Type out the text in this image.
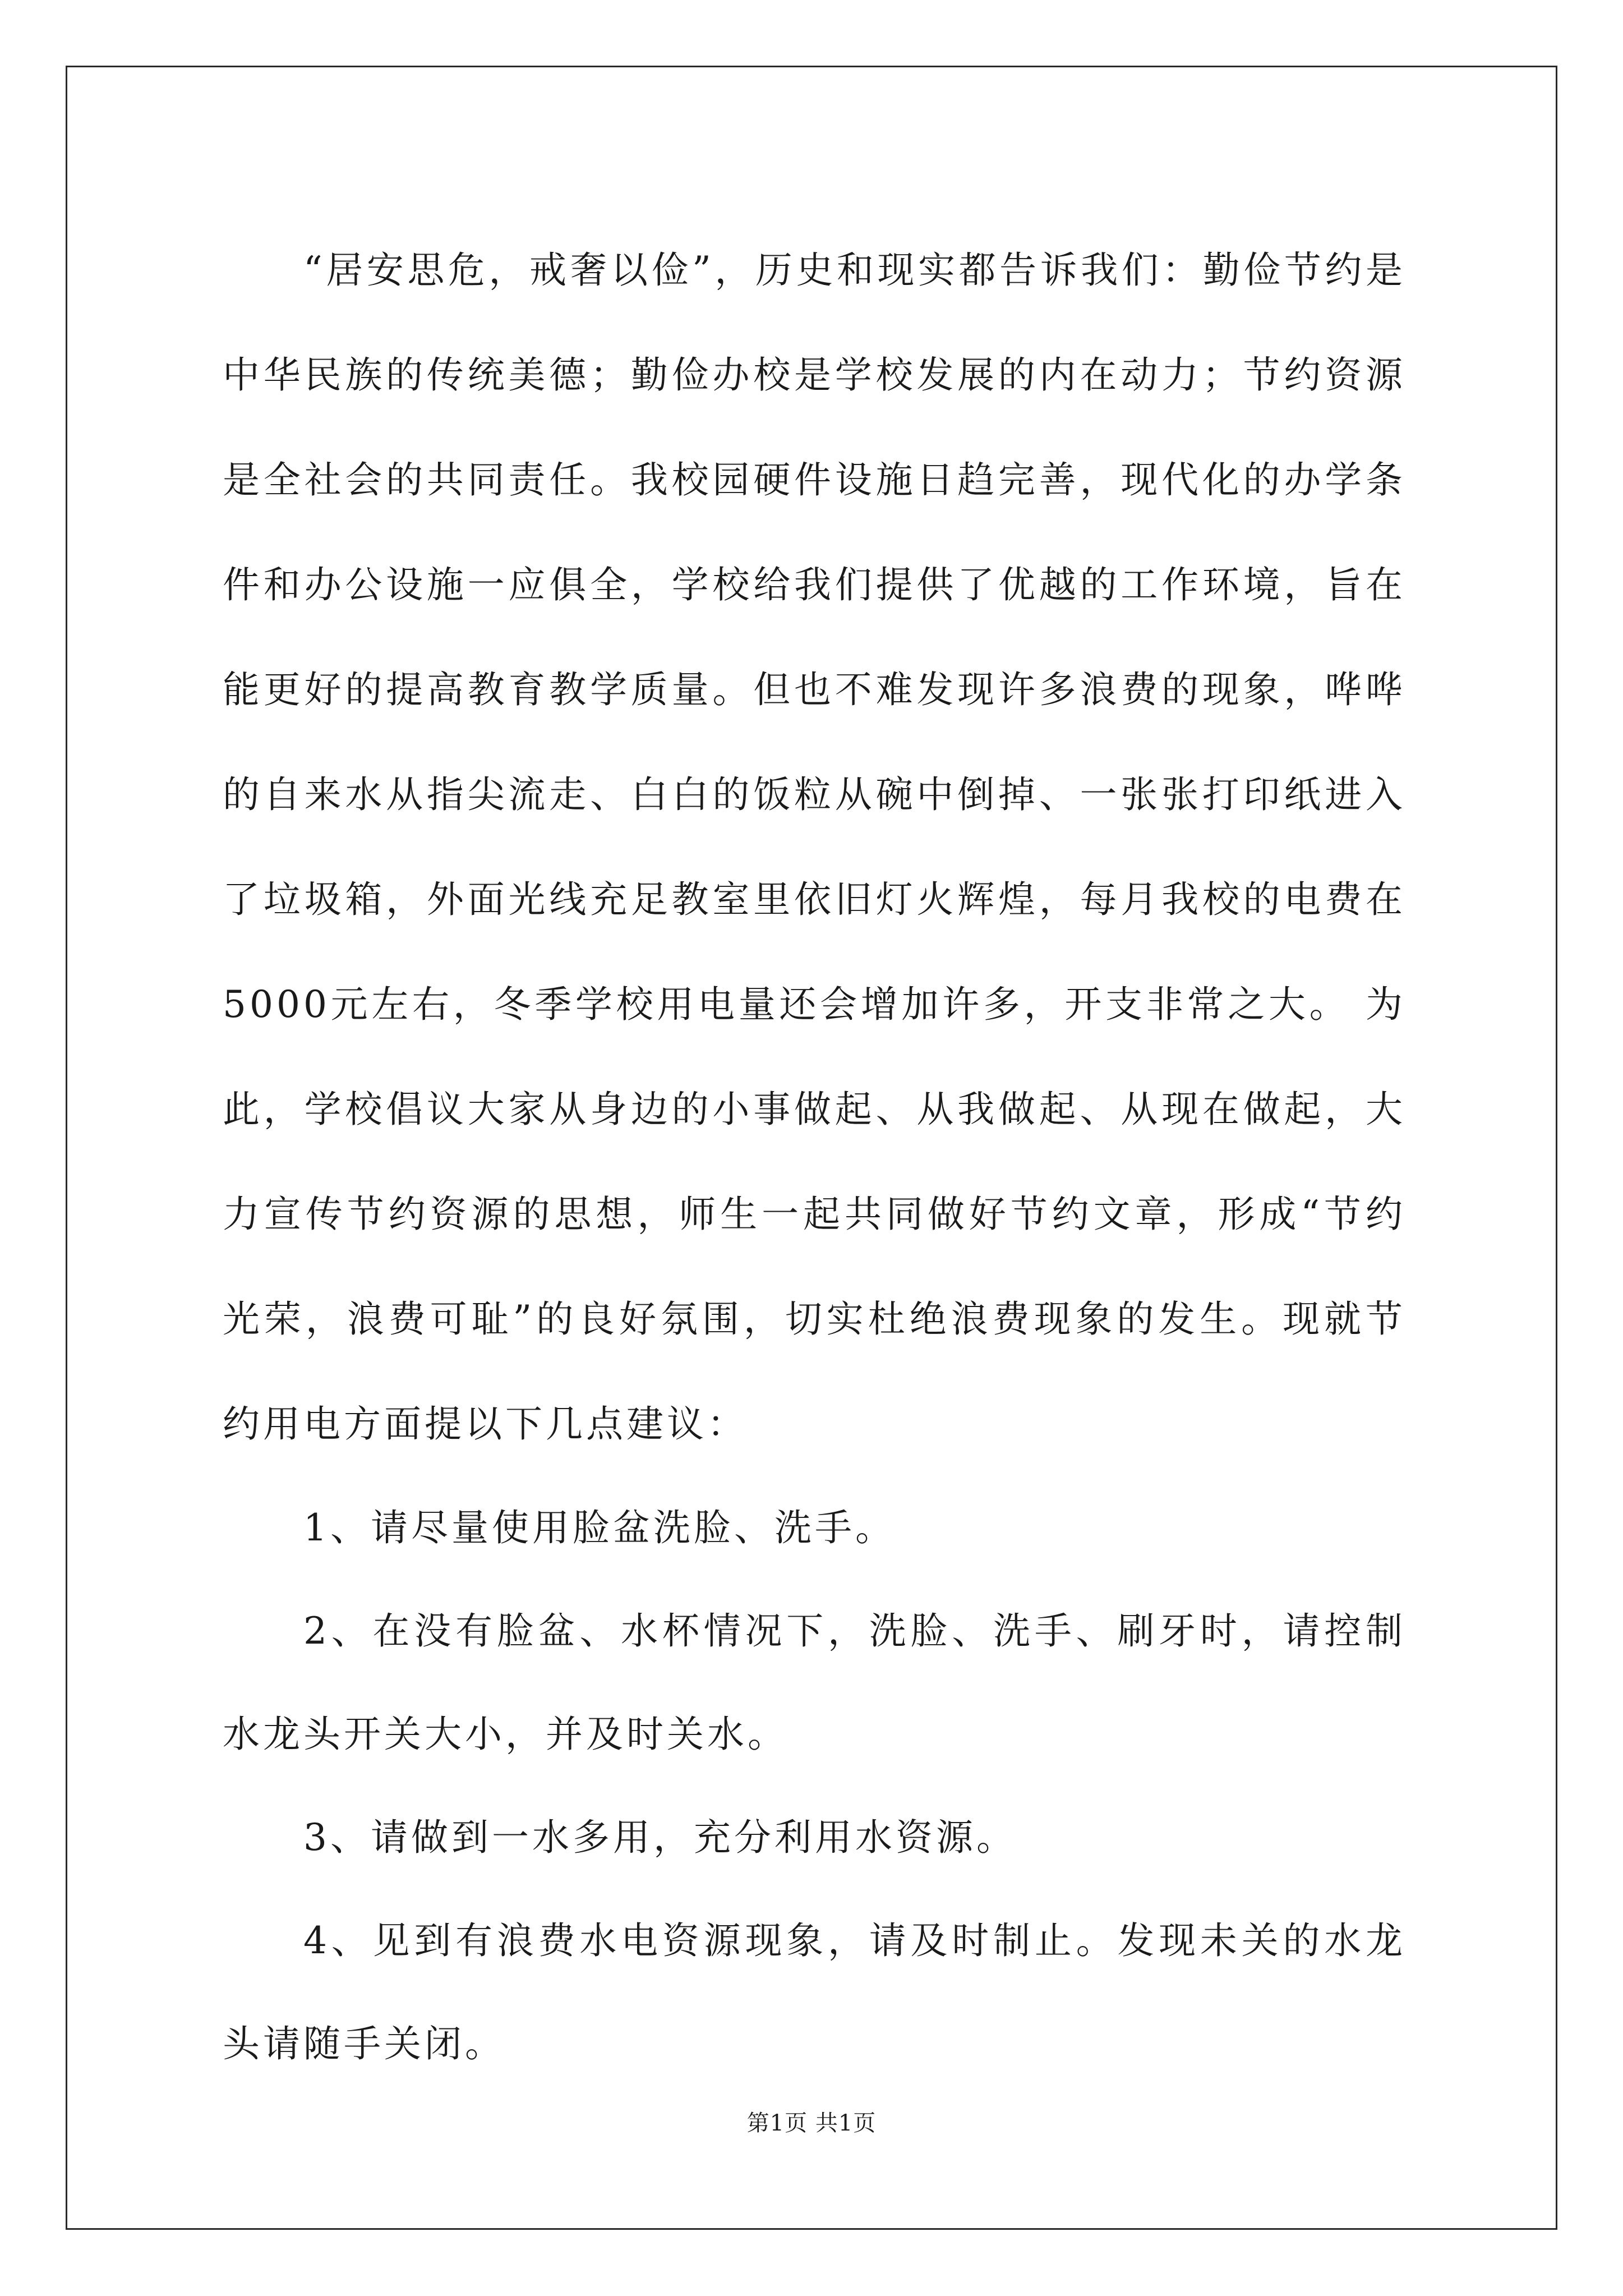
“居安思危，戒奢以俭”，历史和现实都告诉我们：勤俭节约是中华民族的传统美德；勤俭办校是学校发展的内在动力；节约资源是全社会的共同责任。我校园硬件设施日趋完善，现代化的办学条件和办公设施一应俱全，学校给我们提供了优越的工作环境，旨在能更好的提高教育教学质量。但也不难发现许多浪费的现象，哗哗的自来水从指尖流走、白白的饭粒从碗中倒掉、一张张打印纸进入了垃圾箱，外面光线充足教室里依旧灯火辉煌，每月我校的电费在5000元左右，冬季学校用电量还会增加许多，开支非常之大。 为此，学校倡议大家从身边的小事做起、从我做起、从现在做起，大力宣传节约资源的思想，师生一起共同做好节约文章，形成“节约光荣，浪费可耻”的良好氛围，切实杜绝浪费现象的发生。现就节约用电方面提以下几点建议：

1、请尽量使用脸盆洗脸、洗手。

2、在没有脸盆、水杯情况下，洗脸、洗手、刷牙时，请控制水龙头开关大小，并及时关水。

3、请做到一水多用，充分利用水资源。

4、见到有浪费水电资源现象，请及时制止。发现未关的水龙头请随手关闭。

第1页 共1页
